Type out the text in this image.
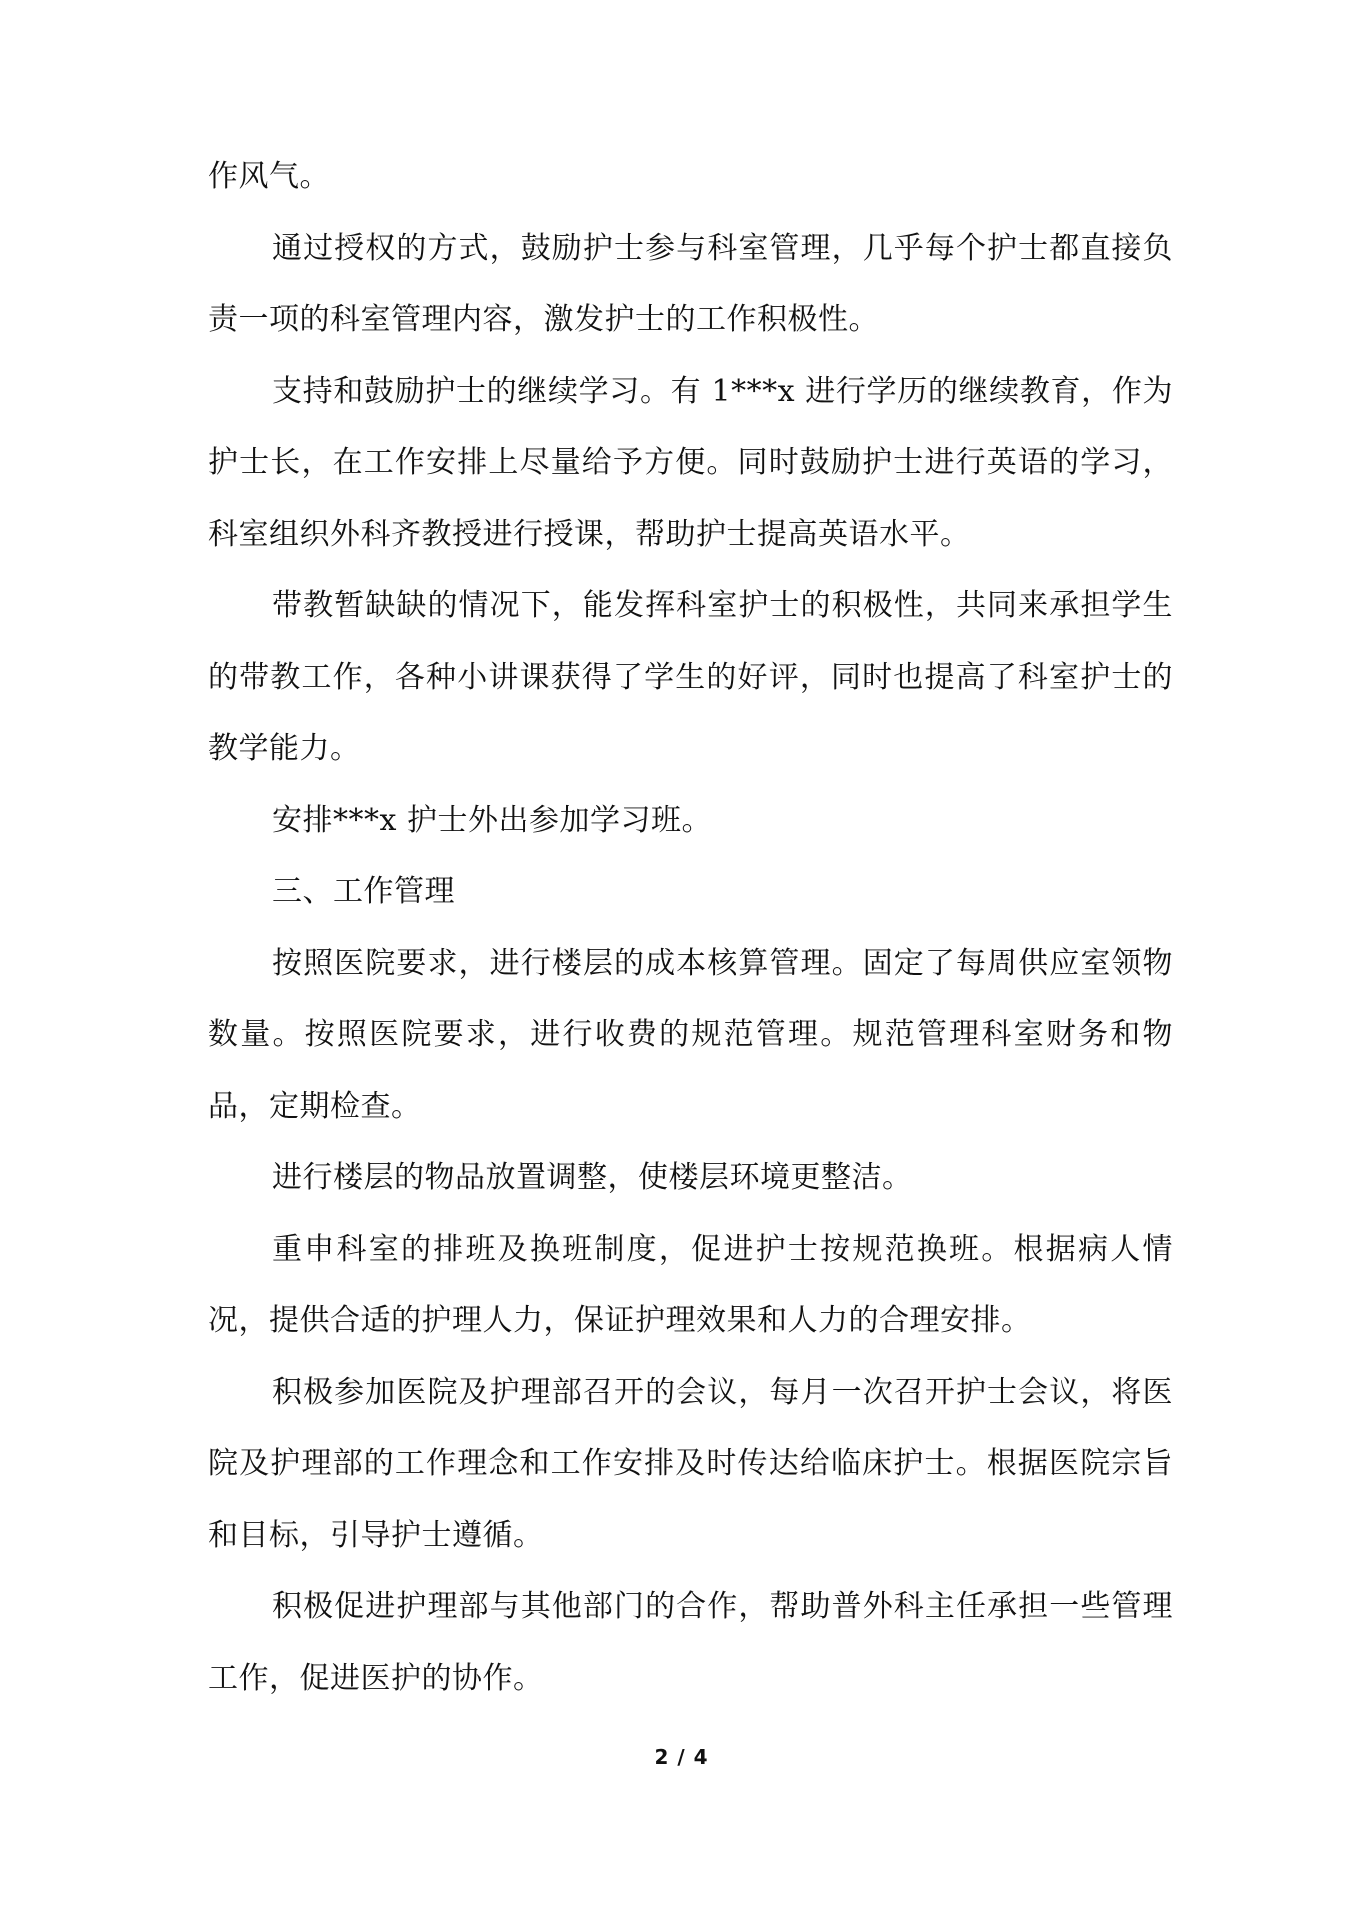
作风气。

通过授权的方式，鼓励护士参与科室管理，几乎每个护士都直接负责一项的科室管理内容，激发护士的工作积极性。

支持和鼓励护士的继续学习。有 1***x 进行学历的继续教育，作为护士长，在工作安排上尽量给予方便。同时鼓励护士进行英语的学习，科室组织外科齐教授进行授课，帮助护士提高英语水平。

带教暂缺缺的情况下，能发挥科室护士的积极性，共同来承担学生的带教工作，各种小讲课获得了学生的好评，同时也提高了科室护士的教学能力。

安排***x 护士外出参加学习班。

三、工作管理

按照医院要求，进行楼层的成本核算管理。固定了每周供应室领物数量。按照医院要求，进行收费的规范管理。规范管理科室财务和物品，定期检查。

进行楼层的物品放置调整，使楼层环境更整洁。

重申科室的排班及换班制度，促进护士按规范换班。根据病人情况，提供合适的护理人力，保证护理效果和人力的合理安排。

积极参加医院及护理部召开的会议，每月一次召开护士会议，将医院及护理部的工作理念和工作安排及时传达给临床护士。根据医院宗旨和目标，引导护士遵循。

积极促进护理部与其他部门的合作，帮助普外科主任承担一些管理工作，促进医护的协作。

2 / 4
